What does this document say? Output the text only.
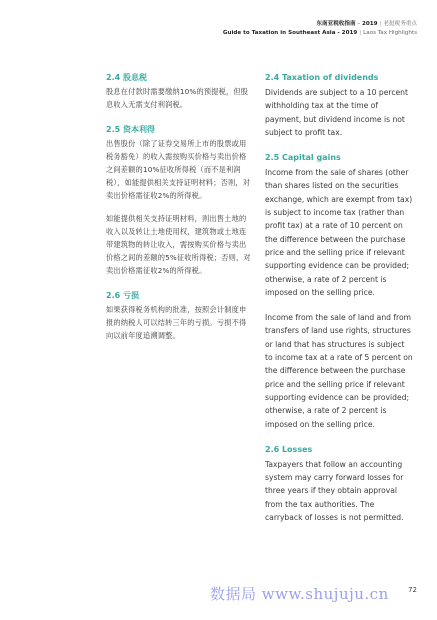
东南亚税收指南 – 2019 | 老挝税务重点
Guide to Taxation in Southeast Asia - 2019 | Laos Tax Highlights
2.4 股息税
股息在付款时需要缴纳10%的预提税，但股息收入无需支付利润税。
2.5 资本利得
出售股份（除了证券交易所上市的股票或用税务豁免）的收入需按购买价格与卖出价格之间差额的10%征收所得税（而不是利润税），如能提供相关支持证明材料；否则，对卖出价格需征收2%的所得税。
如能提供相关支持证明材料，则出售土地的收入以及转让土地使用权，建筑物或土地连带建筑物的转让收入，需按购买价格与卖出价格之间的差额的5%征收所得税；否则，对卖出价格需征收2%的所得税。
2.6 亏损
如果获得税务机构的批准，按照会计制度申报的纳税人可以结转三年的亏损。亏损不得向以前年度追溯调整。
2.4 Taxation of dividends
Dividends are subject to a 10 percent withholding tax at the time of payment, but dividend income is not subject to profit tax.
2.5 Capital gains
Income from the sale of shares (other than shares listed on the securities exchange, which are exempt from tax) is subject to income tax (rather than profit tax) at a rate of 10 percent on the difference between the purchase price and the selling price if relevant supporting evidence can be provided; otherwise, a rate of 2 percent is imposed on the selling price.
Income from the sale of land and from transfers of land use rights, structures or land that has structures is subject to income tax at a rate of 5 percent on the difference between the purchase price and the selling price if relevant supporting evidence can be provided; otherwise, a rate of 2 percent is imposed on the selling price.
2.6 Losses
Taxpayers that follow an accounting system may carry forward losses for three years if they obtain approval from the tax authorities. The carryback of losses is not permitted.
数据局 www.shujuju.cn	72
